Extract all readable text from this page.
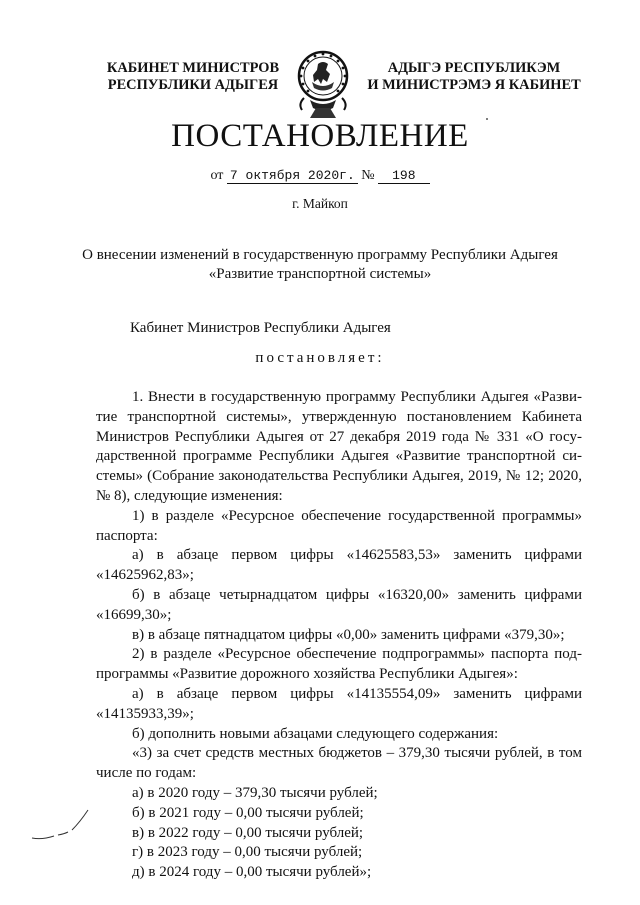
КАБИНЕТ МИНИСТРОВ
РЕСПУБЛИКИ АДЫГЕЯ
АДЫГЭ РЕСПУБЛИКЭМ
И МИНИСТРЭМЭ Я КАБИНЕТ
ПОСТАНОВЛЕНИЕ
от 7 октября 2020г. № 198
г. Майкоп
О внесении изменений в государственную программу Республики Адыгея
«Развитие транспортной системы»
Кабинет Министров Республики Адыгея
постановляет:
1. Внести в государственную программу Республики Адыгея «Разви-
тие транспортной системы», утвержденную постановлением Кабинета
Министров Республики Адыгея от 27 декабря 2019 года № 331 «О госу-
дарственной программе Республики Адыгея «Развитие транспортной си-
стемы» (Собрание законодательства Республики Адыгея, 2019, № 12; 2020,
№ 8), следующие изменения:
1) в разделе «Ресурсное обеспечение государственной программы»
паспорта:
а) в абзаце первом цифры «14625583,53» заменить цифрами
«14625962,83»;
б) в абзаце четырнадцатом цифры «16320,00» заменить цифрами
«16699,30»;
в) в абзаце пятнадцатом цифры «0,00» заменить цифрами «379,30»;
2) в разделе «Ресурсное обеспечение подпрограммы» паспорта под-
программы «Развитие дорожного хозяйства Республики Адыгея»:
а) в абзаце первом цифры «14135554,09» заменить цифрами
«14135933,39»;
б) дополнить новыми абзацами следующего содержания:
«3) за счет средств местных бюджетов – 379,30 тысячи рублей, в том
числе по годам:
а) в 2020 году – 379,30 тысячи рублей;
б) в 2021 году – 0,00 тысячи рублей;
в) в 2022 году – 0,00 тысячи рублей;
г) в 2023 году – 0,00 тысячи рублей;
д) в 2024 году – 0,00 тысячи рублей»;
